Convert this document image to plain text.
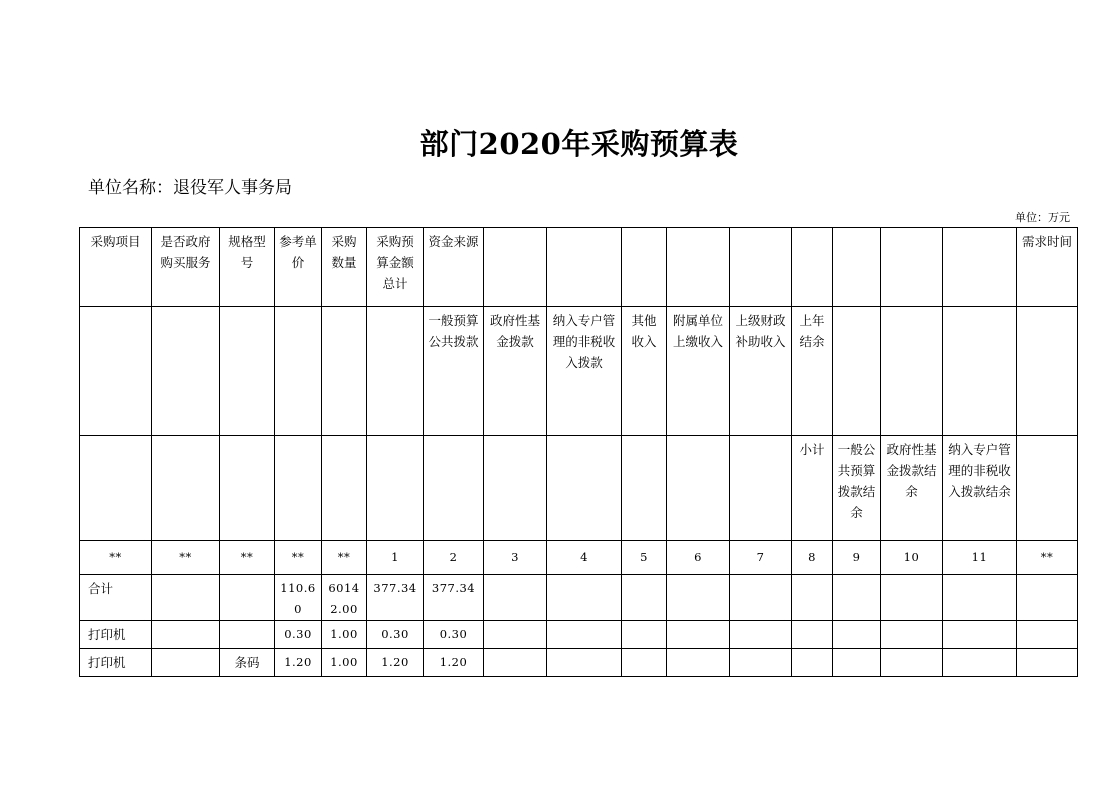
部门2020年采购预算表
单位名称：退役军人事务局
单位：万元
采购项目	是否政府购买服务	规格型号	参考单价	采购数量	采购预算金额总计	资金来源										需求时间
						一般预算公共拨款	政府性基金拨款	纳入专户管理的非税收入拨款	其他收入	附属单位上缴收入	上级财政补助收入	上年结余				
												小计	一般公共预算拨款结余	政府性基金拨款结余	纳入专户管理的非税收入拨款结余	
**	**	**	**	**	1	2	3	4	5	6	7	8	9	10	11	**
合计			110.60	60142.00	377.34	377.34										
打印机			0.30	1.00	0.30	0.30										
打印机		条码	1.20	1.00	1.20	1.20										
